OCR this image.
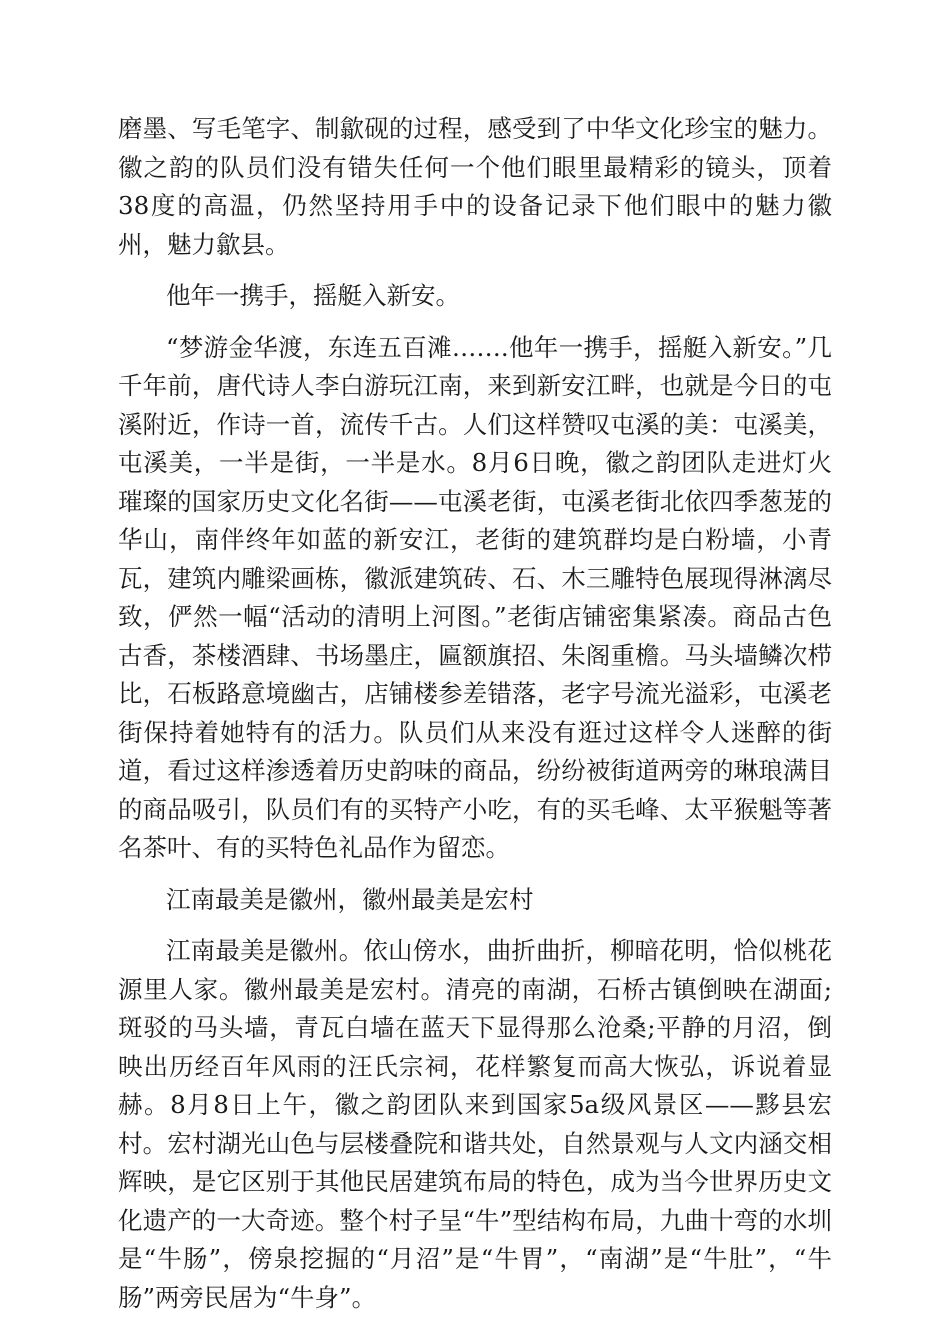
磨墨、写毛笔字、制歙砚的过程，感受到了中华文化珍宝的魅力。徽之韵的队员们没有错失任何一个他们眼里最精彩的镜头，顶着38度的高温，仍然坚持用手中的设备记录下他们眼中的魅力徽州，魅力歙县。

他年一携手，摇艇入新安。

“梦游金华渡，东连五百滩…….他年一携手，摇艇入新安。”几千年前，唐代诗人李白游玩江南，来到新安江畔，也就是今日的屯溪附近，作诗一首，流传千古。人们这样赞叹屯溪的美：屯溪美，屯溪美，一半是街，一半是水。8月6日晚，徽之韵团队走进灯火璀璨的国家历史文化名街——屯溪老街，屯溪老街北依四季葱茏的华山，南伴终年如蓝的新安江，老街的建筑群均是白粉墙，小青瓦，建筑内雕梁画栋，徽派建筑砖、石、木三雕特色展现得淋漓尽致，俨然一幅“活动的清明上河图。”老街店铺密集紧凑。商品古色古香，茶楼酒肆、书场墨庄，匾额旗招、朱阁重檐。马头墙鳞次栉比，石板路意境幽古，店铺楼参差错落，老字号流光溢彩，屯溪老街保持着她特有的活力。队员们从来没有逛过这样令人迷醉的街道，看过这样渗透着历史韵味的商品，纷纷被街道两旁的琳琅满目的商品吸引，队员们有的买特产小吃，有的买毛峰、太平猴魁等著名茶叶、有的买特色礼品作为留恋。

江南最美是徽州，徽州最美是宏村

江南最美是徽州。依山傍水，曲折曲折，柳暗花明，恰似桃花源里人家。徽州最美是宏村。清亮的南湖，石桥古镇倒映在湖面;斑驳的马头墙，青瓦白墙在蓝天下显得那么沧桑;平静的月沼，倒映出历经百年风雨的汪氏宗祠，花样繁复而高大恢弘，诉说着显赫。8月8日上午，徽之韵团队来到国家5a级风景区——黟县宏村。宏村湖光山色与层楼叠院和谐共处，自然景观与人文内涵交相辉映，是它区别于其他民居建筑布局的特色，成为当今世界历史文化遗产的一大奇迹。整个村子呈“牛”型结构布局，九曲十弯的水圳是“牛肠”，傍泉挖掘的“月沼”是“牛胃”，“南湖”是“牛肚”，“牛肠”两旁民居为“牛身”。
